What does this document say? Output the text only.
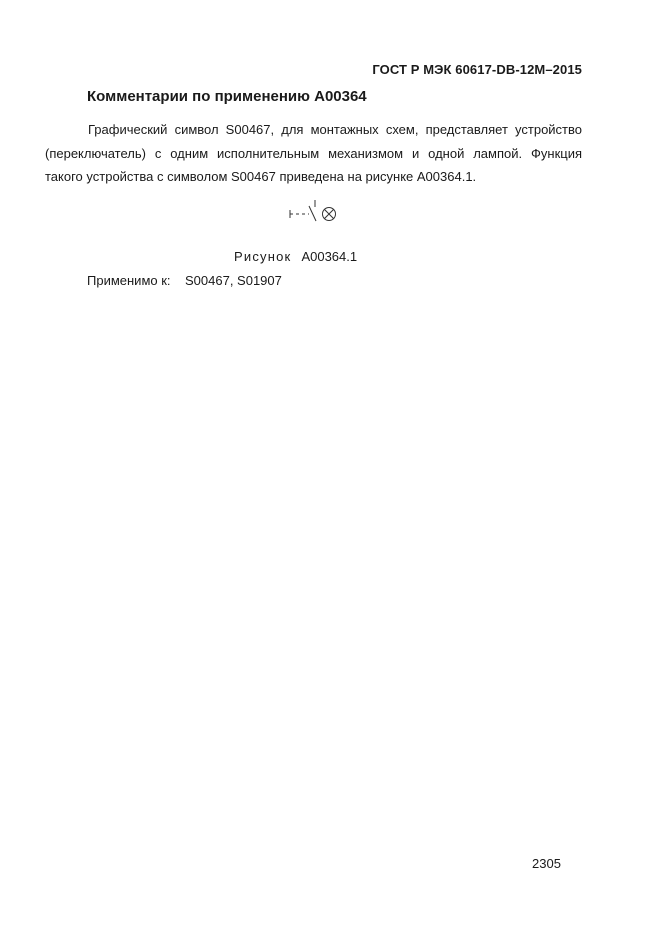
ГОСТ Р МЭК 60617-DB-12M–2015
Комментарии по применению A00364
Графический символ S00467, для монтажных схем, представляет устройство
(переключатель) с одним исполнительным механизмом и одной лампой. Функция
такого устройства с символом S00467 приведена на рисунке A00364.1.
Рисунок A00364.1
Применимо к: S00467, S01907
2305
